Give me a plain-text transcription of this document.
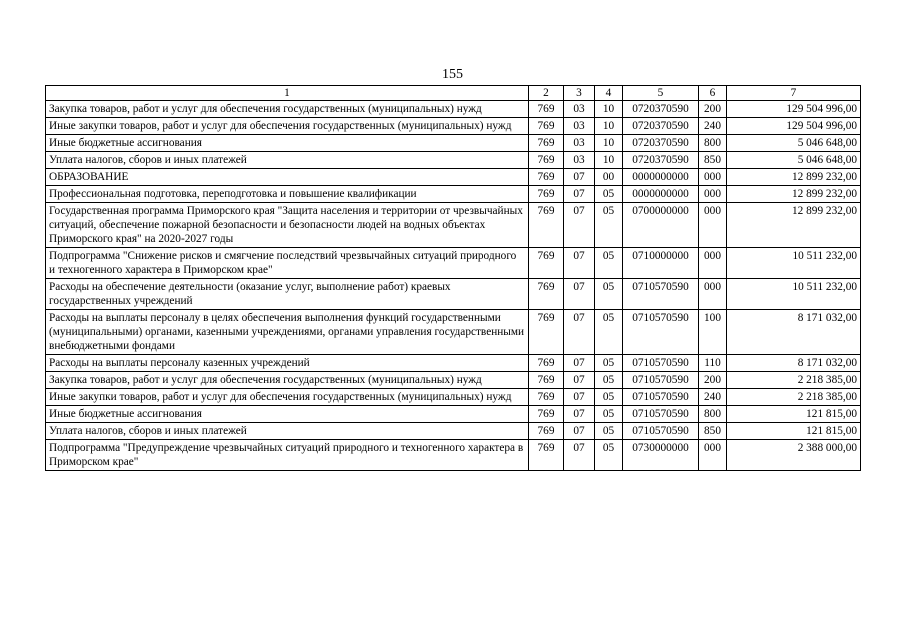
155
1	2	3	4	5	6	7
Закупка товаров, работ и услуг для обеспечения государственных (муниципальных) нужд	769	03	10	0720370590	200	129 504 996,00
Иные закупки товаров, работ и услуг для обеспечения государственных (муниципальных) нужд	769	03	10	0720370590	240	129 504 996,00
Иные бюджетные ассигнования	769	03	10	0720370590	800	5 046 648,00
Уплата налогов, сборов и иных платежей	769	03	10	0720370590	850	5 046 648,00
ОБРАЗОВАНИЕ	769	07	00	0000000000	000	12 899 232,00
Профессиональная подготовка, переподготовка и повышение квалификации	769	07	05	0000000000	000	12 899 232,00
Государственная программа Приморского края "Защита населения и территории от чрезвычайных ситуаций, обеспечение пожарной безопасности и безопасности людей на водных объектах Приморского края" на 2020-2027 годы	769	07	05	0700000000	000	12 899 232,00
Подпрограмма "Снижение рисков и смягчение последствий чрезвычайных ситуаций природного и техногенного характера в Приморском крае"	769	07	05	0710000000	000	10 511 232,00
Расходы на обеспечение деятельности (оказание услуг, выполнение работ) краевых государственных учреждений	769	07	05	0710570590	000	10 511 232,00
Расходы на выплаты персоналу в целях обеспечения выполнения функций государственными (муниципальными) органами, казенными учреждениями, органами управления государственными внебюджетными фондами	769	07	05	0710570590	100	8 171 032,00
Расходы на выплаты персоналу казенных учреждений	769	07	05	0710570590	110	8 171 032,00
Закупка товаров, работ и услуг для обеспечения государственных (муниципальных) нужд	769	07	05	0710570590	200	2 218 385,00
Иные закупки товаров, работ и услуг для обеспечения государственных (муниципальных) нужд	769	07	05	0710570590	240	2 218 385,00
Иные бюджетные ассигнования	769	07	05	0710570590	800	121 815,00
Уплата налогов, сборов и иных платежей	769	07	05	0710570590	850	121 815,00
Подпрограмма "Предупреждение чрезвычайных ситуаций природного и техногенного характера в Приморском крае"	769	07	05	0730000000	000	2 388 000,00
